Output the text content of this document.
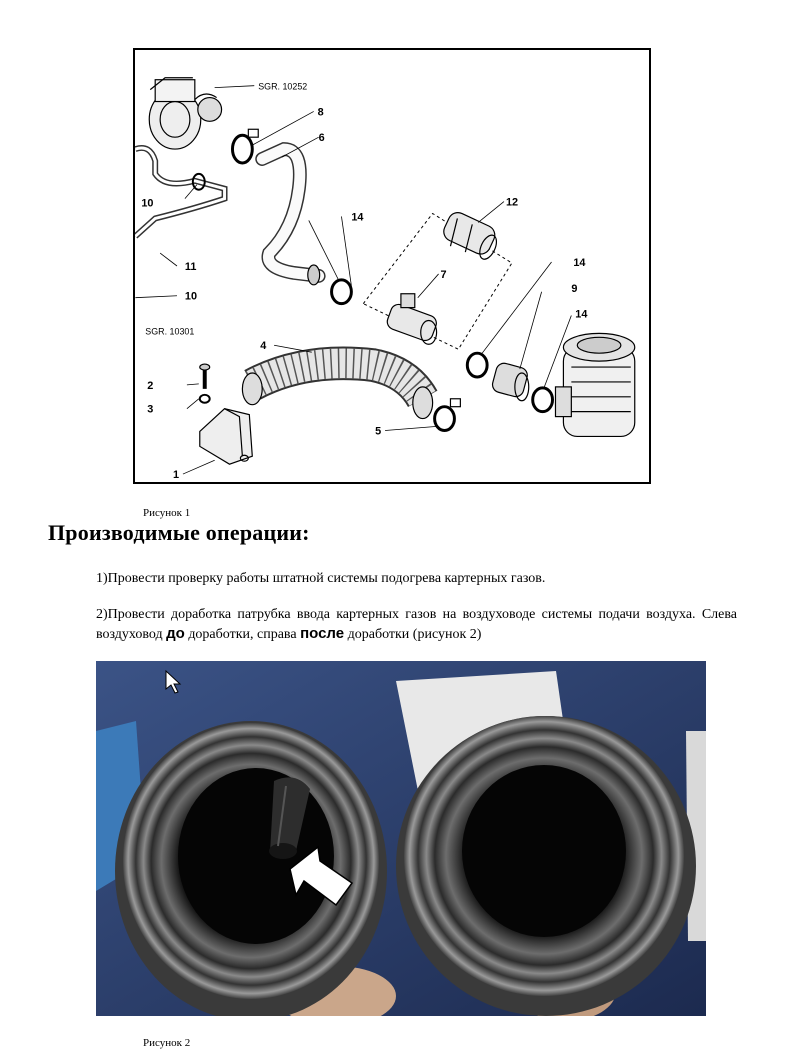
SGR. 10252
SGR. 10301
8
6
10
14
12
7
11
10
4
14
9
14
2
3
5
1
Рисунок 1
Производимые операции:
1)Провести проверку работы штатной системы подогрева картерных газов.
2)Провести доработка патрубка ввода картерных газов на воздуховоде системы подачи воздуха. Слева воздуховод до доработки, справа после доработки (рисунок 2)
Рисунок 2
